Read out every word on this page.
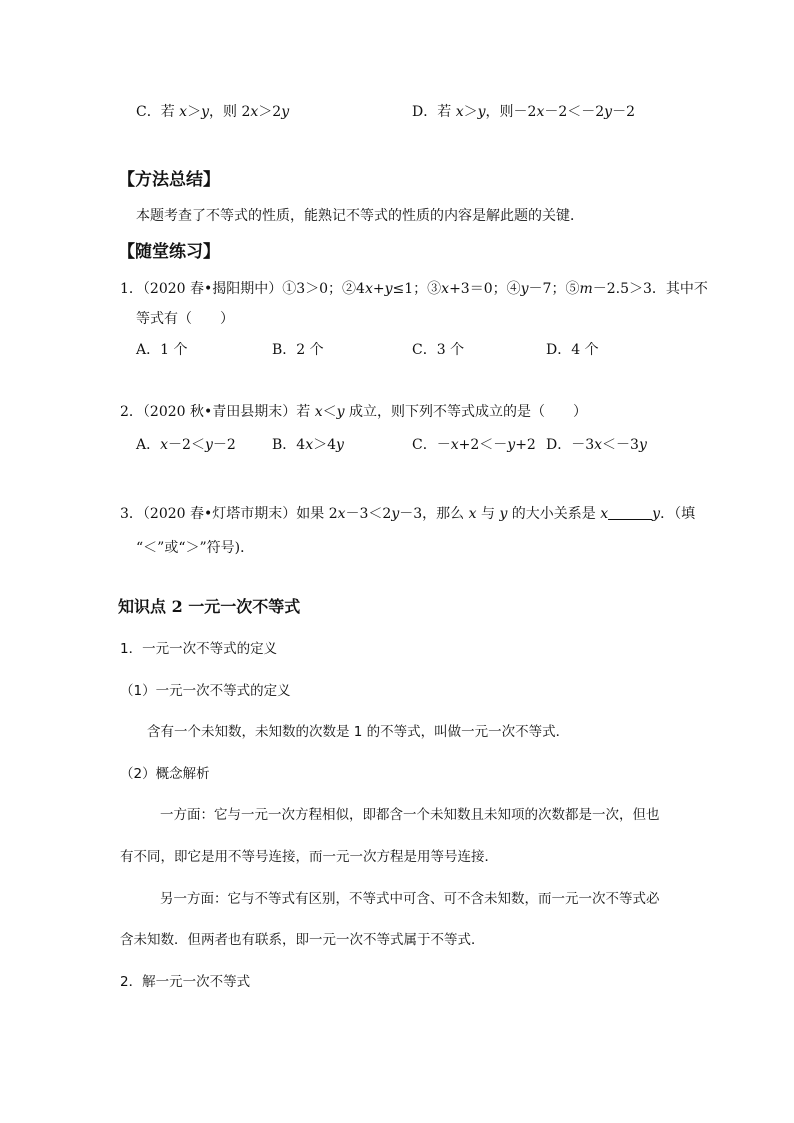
C．若 x＞y，则 2x＞2y	D．若 x＞y，则－2x－2＜－2y－2
【方法总结】
本题考查了不等式的性质，能熟记不等式的性质的内容是解此题的关键．
【随堂练习】
1．（2020 春•揭阳期中）①3＞0；②4x+y≤1；③x+3＝0；④y－7；⑤m－2.5＞3．其中不
等式有（　　）
A．1 个	B．2 个	C．3 个	D．4 个
2．（2020 秋•青田县期末）若 x＜y 成立，则下列不等式成立的是（　　）
A．x－2＜y－2	B．4x＞4y	C．－x+2＜－y+2 D．－3x＜－3y
3．（2020 春•灯塔市期末）如果 2x－3＜2y－3，那么 x 与 y 的大小关系是 x	y．（填
“＜”或“＞”符号)．
知识点 2 一元一次不等式
1．一元一次不等式的定义
（1）一元一次不等式的定义
含有一个未知数，未知数的次数是 1 的不等式，叫做一元一次不等式．
（2）概念解析
一方面：它与一元一次方程相似，即都含一个未知数且未知项的次数都是一次，但也
有不同，即它是用不等号连接，而一元一次方程是用等号连接．
另一方面：它与不等式有区别，不等式中可含、可不含未知数，而一元一次不等式必
含未知数．但两者也有联系，即一元一次不等式属于不等式．
2．解一元一次不等式
